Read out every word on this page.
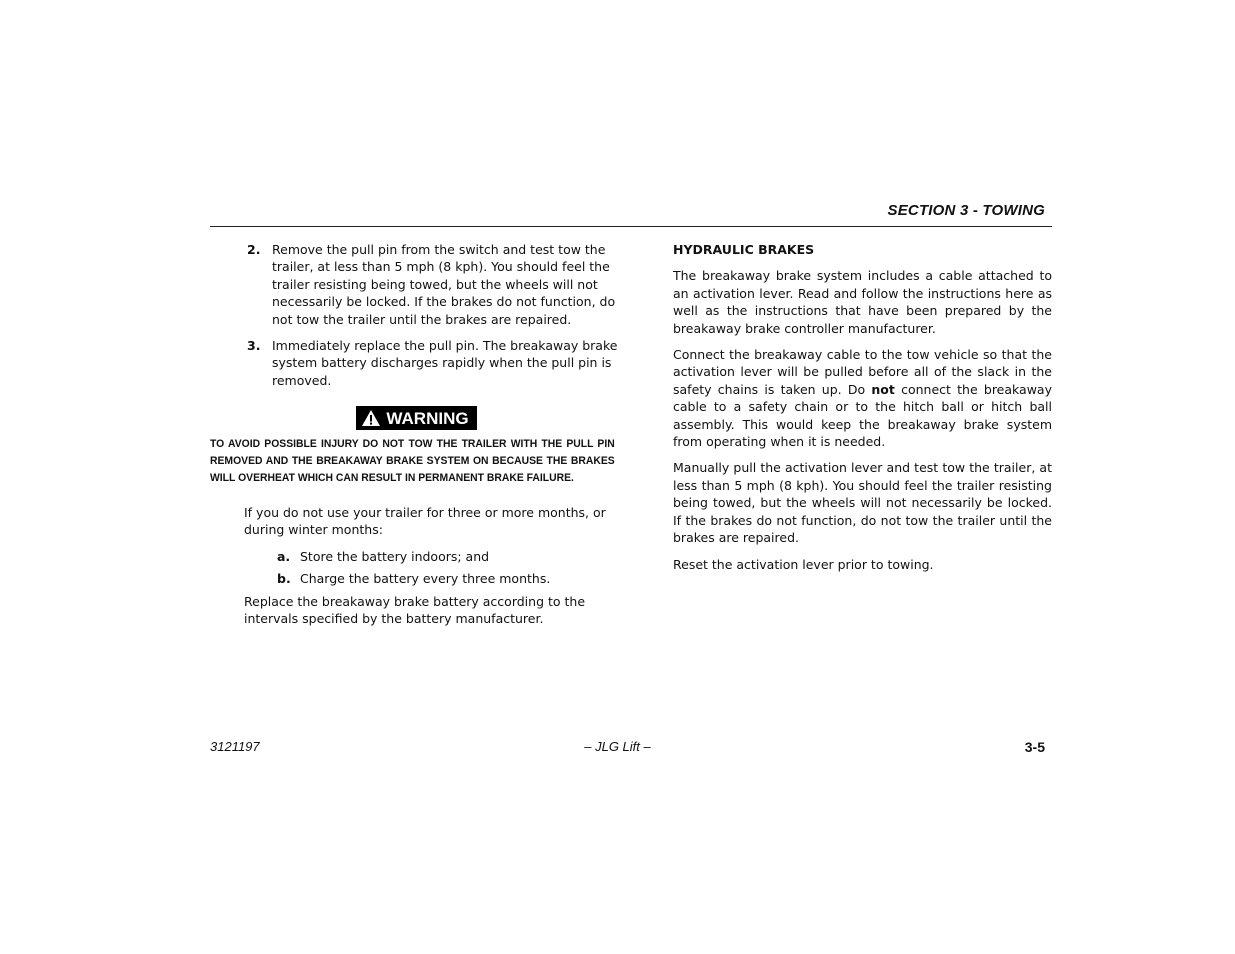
SECTION 3 - TOWING
2. Remove the pull pin from the switch and test tow the trailer, at less than 5 mph (8 kph). You should feel the trailer resisting being towed, but the wheels will not necessarily be locked. If the brakes do not function, do not tow the trailer until the brakes are repaired.
3. Immediately replace the pull pin. The breakaway brake system battery discharges rapidly when the pull pin is removed.
WARNING
TO AVOID POSSIBLE INJURY DO NOT TOW THE TRAILER WITH THE PULL PIN REMOVED AND THE BREAKAWAY BRAKE SYSTEM ON BECAUSE THE BRAKES WILL OVERHEAT WHICH CAN RESULT IN PERMANENT BRAKE FAILURE.
If you do not use your trailer for three or more months, or during winter months:
a. Store the battery indoors; and
b. Charge the battery every three months.
Replace the breakaway brake battery according to the intervals specified by the battery manufacturer.
HYDRAULIC BRAKES

The breakaway brake system includes a cable attached to an activation lever. Read and follow the instructions here as well as the instructions that have been prepared by the breakaway brake controller manufacturer.

Connect the breakaway cable to the tow vehicle so that the activation lever will be pulled before all of the slack in the safety chains is taken up. Do not connect the breakaway cable to a safety chain or to the hitch ball or hitch ball assembly. This would keep the breakaway brake system from operating when it is needed.

Manually pull the activation lever and test tow the trailer, at less than 5 mph (8 kph). You should feel the trailer resisting being towed, but the wheels will not necessarily be locked. If the brakes do not function, do not tow the trailer until the brakes are repaired.

Reset the activation lever prior to towing.

3121197	– JLG Lift –	3-5
